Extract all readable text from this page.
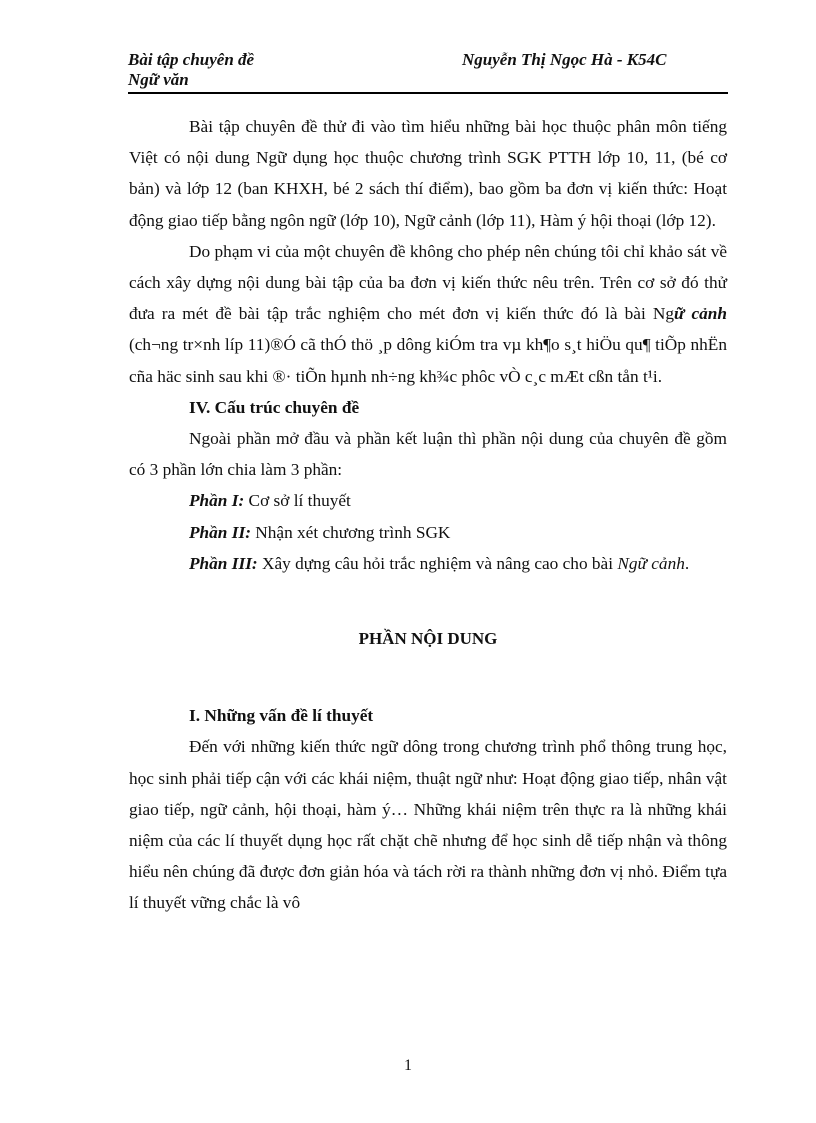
Bài tập chuyên đề
Ngữ văn
Nguyễn Thị Ngọc Hà - K54C

Bài tập chuyên đề thử đi vào tìm hiểu những bài học thuộc phân môn tiếng Việt có nội dung Ngữ dụng học thuộc chương trình SGK PTTH lớp 10, 11, (bé cơ bản) và lớp 12 (ban KHXH, bé 2 sách thí điểm), bao gồm ba đơn vị kiến thức: Hoạt động giao tiếp bằng ngôn ngữ (lớp 10), Ngữ cảnh (lớp 11), Hàm ý hội thoại (lớp 12).

Do phạm vi của một chuyên đề không cho phép nên chúng tôi chỉ khảo sát về cách xây dựng nội dung bài tập của ba đơn vị kiến thức nêu trên. Trên cơ sở đó thử đưa ra mét đề bài tập trắc nghiệm cho mét đơn vị kiến thức đó là bài Ngữ cảnh (ch¬ng tr×nh líp 11)®Ó cã thÓ thö ¸p dông kiÓm tra vµ kh¶o s¸t hiÖu qu¶ tiÕp nhËn cña häc sinh sau khi ®· tiÕn hµnh nh÷ng kh¾c phôc vÒ c¸c mÆt cßn tån t¹i.

IV. Cấu trúc chuyên đề

Ngoài phần mở đầu và phần kết luận thì phần nội dung của chuyên đề gồm có 3 phần lớn chia làm 3 phần:

Phần I: Cơ sở lí thuyết

Phần II: Nhận xét chương trình SGK

Phần III: Xây dựng câu hỏi trắc nghiệm và nâng cao cho bài Ngữ cảnh.

PHẦN NỘI DUNG

I. Những vấn đề lí thuyết

Đến với những kiến thức ngữ dông trong chương trình phổ thông trung học, học sinh phải tiếp cận với các khái niệm, thuật ngữ như: Hoạt động giao tiếp, nhân vật giao tiếp, ngữ cảnh, hội thoại, hàm ý… Những khái niệm trên thực ra là những khái niệm của các lí thuyết dụng học rất chặt chẽ nhưng để học sinh dễ tiếp nhận và thông hiểu nên chúng đã được đơn giản hóa và tách rời ra thành những đơn vị nhỏ. Điểm tựa lí thuyết vững chắc là vô

1
